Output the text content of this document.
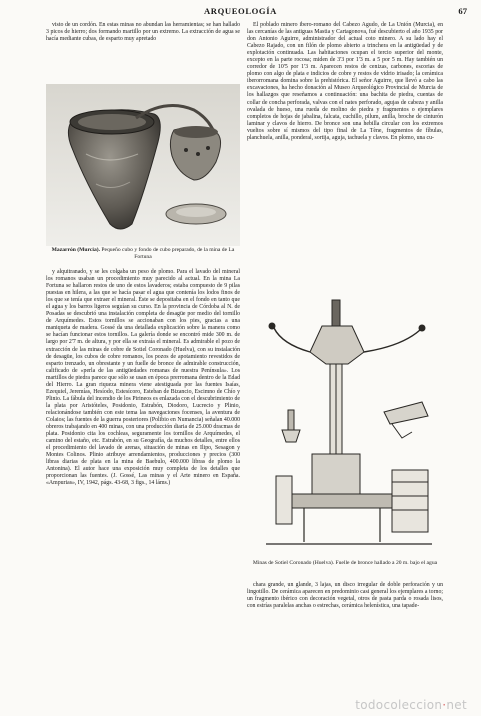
ARQUEOLOGÍA	67

visto de un cordón. En estas minas no abundan las herramientas; se han hallado 3 picos de hierro; dos formando martillo por un extremo. La extracción de agua se hacía mediante cubas, de esparto muy apretado

Mazarrón (Murcia). Pequeño cubo y fondo de cubo preparado, de la mina de La Fortuna

y alquitranado, y se les colgaba un peso de plomo. Para el lavado del mineral los romanos usaban un procedimiento muy parecido al actual. En la mina La Fortuna se hallaron restos de uno de estos lavaderos; estaba compuesto de 9 pilas puestas en hilera, a las que se hacía pasar el agua que contenía los lodos finos de los que se tenía que extraer el mineral. Éste se depositaba en el fondo en tanto que el agua y los barros ligeros seguían su curso. En la provincia de Córdoba al N. de Posadas se descubrió una instalación completa de desagüe por medio del tornillo de Arquímedes. Estos tornillos se accionaban con los pies, gracias a una maniqueta de madera. Gossé da una detallada explicación sobre la manera como se hacían funcionar estos tornillos. La galería donde se encontró mide 300 m. de largo por 2'7 m. de altura, y por ella se extraía el mineral. Es admirable el pozo de extracción de las minas de cobre de Sotiel Coronado (Huelva), con su instalación de desagüe, los cubos de cobre romanos, los pozos de apotamiento revestidos de esparto trenzado, un obrestante y un fuelle de bronce de admirable construcción, calificado de «perla de las antigüedades romanas de nuestra Península». Los martillos de piedra parece que sólo se usan en época prerromana dentro de la Edad del Hierro. La gran riqueza minera viene atestiguada por las fuentes Isaías, Ezequiel, Jeremías, Hesíodo, Estesícoro, Esteban de Bizancio, Escimno de Chío y Plinio. La fábula del incendio de los Pirineos es enlazada con el descubrimiento de la plata por Aristóteles, Posidonio, Estrabón, Diodoro, Lucrecio y Plinio, relacionándose también con este tema las navegaciones focenses, la aventura de Colaios; las fuentes de la guerra posteriores (Polibio en Numancia) señalan 40.000 obreros trabajando en 400 minas, con una producción diaria de 25.000 dracmas de plata. Posidonio cita los cochleas, seguramente los tornillos de Arquímedes, el camino del estaño, etc. Estrabón, en su Geografía, da muchos detalles, entre ellos el procedimiento del lavado de arenas, situación de minas en Ilipo, Sesagon y Montes Colinos. Plinio atribuye arrendamientos, producciones y precios (300 libras diarias de plata en la mina de Baebulo, 400.000 libras de plomo la Antonina). El autor hace una exposición muy completa de los detalles que proporcionan las fuentes. (J. Gossé, Las minas y el Arte minero en España. «Ampurias», IV, 1942, págs. 43-68, 3 figs., 14 láms.)

El poblado minero ibero-romano del Cabezo Agudo, de La Unión (Murcia), en las cercanías de las antiguas Mastia y Cartagonova, fué descubierto el año 1935 por don Antonio Aguirre, administrador del actual coto minero. A su lado hay el Cabezo Rajado, con un filón de plomo abierto a trinchera en la antigüedad y de explotación continuada. Las habitaciones ocupan el tercio superior del monte, excepto en la parte rocosa; miden de 3'3 por 1'3 m. a 5 por 5 m. Hay también un corredor de 10'5 por 1'3 m. Aparecen restos de cenizas, carbones, escorias de plomo con algo de plata e indicios de cobre y restos de vidrio irisado; la cerámica iberorromana domina sobre la prehistórica. El señor Aguirre, que llevó a cabo las excavaciones, ha hecho donación al Museo Arqueológico Provincial de Murcia de los hallazgos que reseñamos a continuación: una bachita de piedra, cuentas de collar de concha perforada, valvas con el nates perforado, agujas de cabeza y anilla ovalada de hueso, una rueda de molino de piedra y fragmentos o ejemplares completos de hojas de jabalina, falcata, cuchillo, pilum, anilla, broche de cinturón laminar y clavos de hierro. De bronce son una hebilla circular con los extremos vueltos sobre sí mismos del tipo final de La Tène, fragmentos de fíbulas, planchuela, anilla, ponderal, sortija, aguja, tachuela y clavos. En plomo, una cu-

Minas de Sotiel Coronado (Huelva). Fuelle de bronce hallado a 20 m. bajo el agua

chara grande, un glande, 3 lajas, un disco irregular de doble perforación y un lingotillo. De cerámica aparecen en predominio casi general los ejemplares a torno; un fragmento ibérico con decoración vegetal, otros de pasta parda o rosada lisos, con estrías paralelas anchas o estrechas, cerámica helenística, una tapade-

todocoleccion·net
